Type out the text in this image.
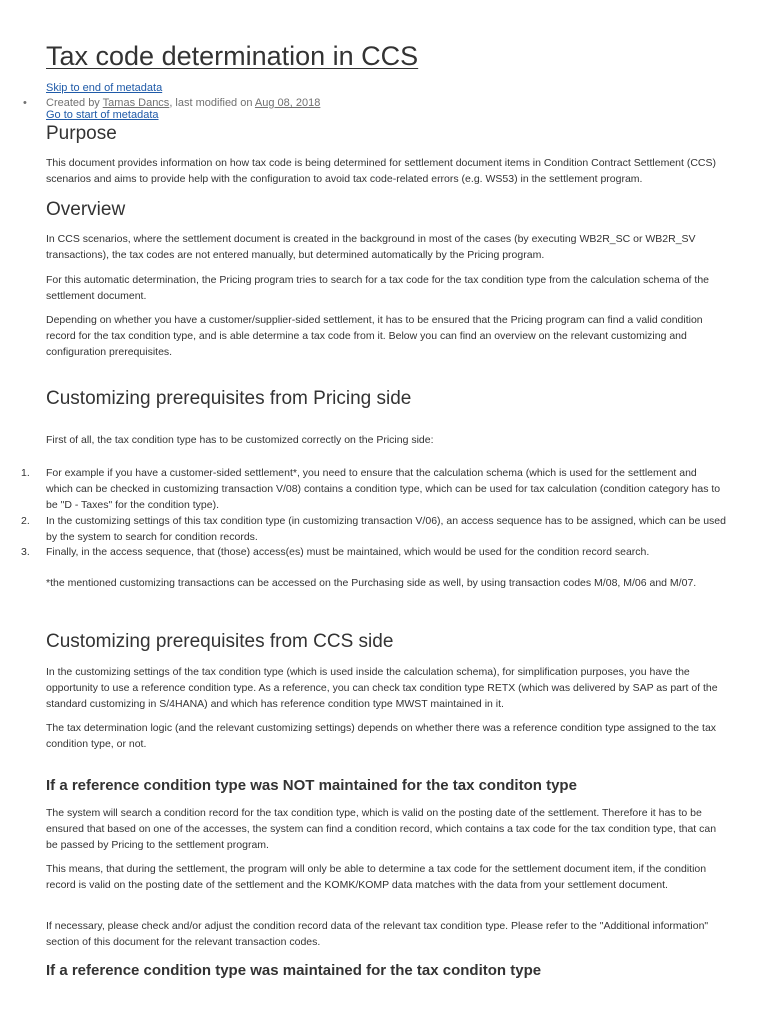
Tax code determination in CCS
Skip to end of metadata
• Created by Tamas Dancs, last modified on Aug 08, 2018
Go to start of metadata
Purpose

This document provides information on how tax code is being determined for settlement document items in Condition Contract Settlement (CCS) scenarios and aims to provide help with the configuration to avoid tax code-related errors (e.g. WS53) in the settlement program.

Overview

In CCS scenarios, where the settlement document is created in the background in most of the cases (by executing WB2R_SC or WB2R_SV transactions), the tax codes are not entered manually, but determined automatically by the Pricing program.

For this automatic determination, the Pricing program tries to search for a tax code for the tax condition type from the calculation schema of the settlement document.

Depending on whether you have a customer/supplier-sided settlement, it has to be ensured that the Pricing program can find a valid condition record for the tax condition type, and is able determine a tax code from it. Below you can find an overview on the relevant customizing and configuration prerequisites.

Customizing prerequisites from Pricing side

First of all, the tax condition type has to be customized correctly on the Pricing side:

1. For example if you have a customer-sided settlement*, you need to ensure that the calculation schema (which is used for the settlement and which can be checked in customizing transaction V/08) contains a condition type, which can be used for tax calculation (condition category has to be "D - Taxes" for the condition type).

2. In the customizing settings of this tax condition type (in customizing transaction V/06), an access sequence has to be assigned, which can be used by the system to search for condition records.

3. Finally, in the access sequence, that (those) access(es) must be maintained, which would be used for the condition record search.

*the mentioned customizing transactions can be accessed on the Purchasing side as well, by using transaction codes M/08, M/06 and M/07.

Customizing prerequisites from CCS side

In the customizing settings of the tax condition type (which is used inside the calculation schema), for simplification purposes, you have the opportunity to use a reference condition type. As a reference, you can check tax condition type RETX (which was delivered by SAP as part of the standard customizing in S/4HANA) and which has reference condition type MWST maintained in it.

The tax determination logic (and the relevant customizing settings) depends on whether there was a reference condition type assigned to the tax condition type, or not.

If a reference condition type was NOT maintained for the tax conditon type

The system will search a condition record for the tax condition type, which is valid on the posting date of the settlement. Therefore it has to be ensured that based on one of the accesses, the system can find a condition record, which contains a tax code for the tax condition type, that can be passed by Pricing to the settlement program.

This means, that during the settlement, the program will only be able to determine a tax code for the settlement document item, if the condition record is valid on the posting date of the settlement and the KOMK/KOMP data matches with the data from your settlement document.

If necessary, please check and/or adjust the condition record data of the relevant tax condition type. Please refer to the "Additional information" section of this document for the relevant transaction codes.

If a reference condition type was maintained for the tax conditon type
